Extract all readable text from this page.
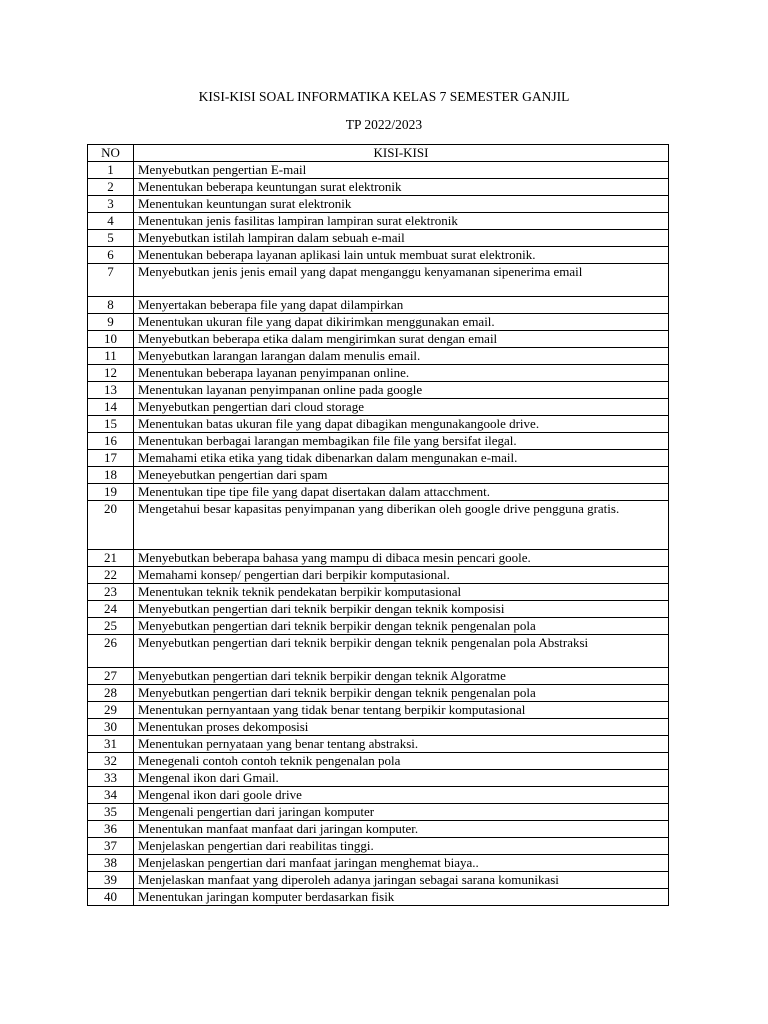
KISI-KISI SOAL INFORMATIKA KELAS 7 SEMESTER GANJIL
TP 2022/2023
NO	KISI-KISI
1	Menyebutkan pengertian E-mail
2	Menentukan beberapa keuntungan surat elektronik
3	Menentukan keuntungan surat elektronik
4	Menentukan jenis fasilitas lampiran lampiran surat elektronik
5	Menyebutkan istilah lampiran dalam sebuah e-mail
6	Menentukan beberapa layanan aplikasi lain untuk membuat surat elektronik.
7	Menyebutkan jenis jenis email yang dapat menganggu kenyamanan sipenerima email
8	Menyertakan beberapa file yang dapat dilampirkan
9	Menentukan ukuran file yang dapat dikirimkan menggunakan email.
10	Menyebutkan beberapa etika dalam mengirimkan surat dengan email
11	Menyebutkan larangan larangan dalam menulis email.
12	Menentukan beberapa layanan penyimpanan online.
13	Menentukan layanan penyimpanan online pada google
14	Menyebutkan pengertian dari cloud storage
15	Menentukan batas ukuran file yang dapat dibagikan mengunakangoole drive.
16	Menentukan berbagai larangan membagikan file file yang bersifat ilegal.
17	Memahami etika etika yang tidak dibenarkan dalam mengunakan e-mail.
18	Meneyebutkan pengertian dari spam
19	Menentukan tipe tipe file yang dapat disertakan dalam attacchment.
20	Mengetahui besar kapasitas penyimpanan yang diberikan oleh google drive pengguna gratis.
21	Menyebutkan beberapa bahasa yang mampu di dibaca mesin pencari goole.
22	Memahami konsep/ pengertian dari berpikir komputasional.
23	Menentukan teknik teknik pendekatan berpikir komputasional
24	Menyebutkan pengertian dari teknik berpikir dengan teknik komposisi
25	Menyebutkan pengertian dari teknik berpikir dengan teknik pengenalan pola
26	Menyebutkan pengertian dari teknik berpikir dengan teknik pengenalan pola Abstraksi
27	Menyebutkan pengertian dari teknik berpikir dengan teknik Algoratme
28	Menyebutkan pengertian dari teknik berpikir dengan teknik pengenalan pola
29	Menentukan pernyantaan yang tidak benar tentang berpikir komputasional
30	Menentukan proses dekomposisi
31	Menentukan pernyataan yang benar tentang abstraksi.
32	Menegenali contoh contoh teknik pengenalan pola
33	Mengenal ikon dari Gmail.
34	Mengenal ikon dari goole drive
35	Mengenali pengertian dari jaringan komputer
36	Menentukan manfaat manfaat dari jaringan komputer.
37	Menjelaskan pengertian dari reabilitas tinggi.
38	Menjelaskan pengertian dari manfaat jaringan menghemat biaya..
39	Menjelaskan manfaat yang diperoleh adanya jaringan sebagai sarana komunikasi
40	Menentukan jaringan komputer berdasarkan fisik
